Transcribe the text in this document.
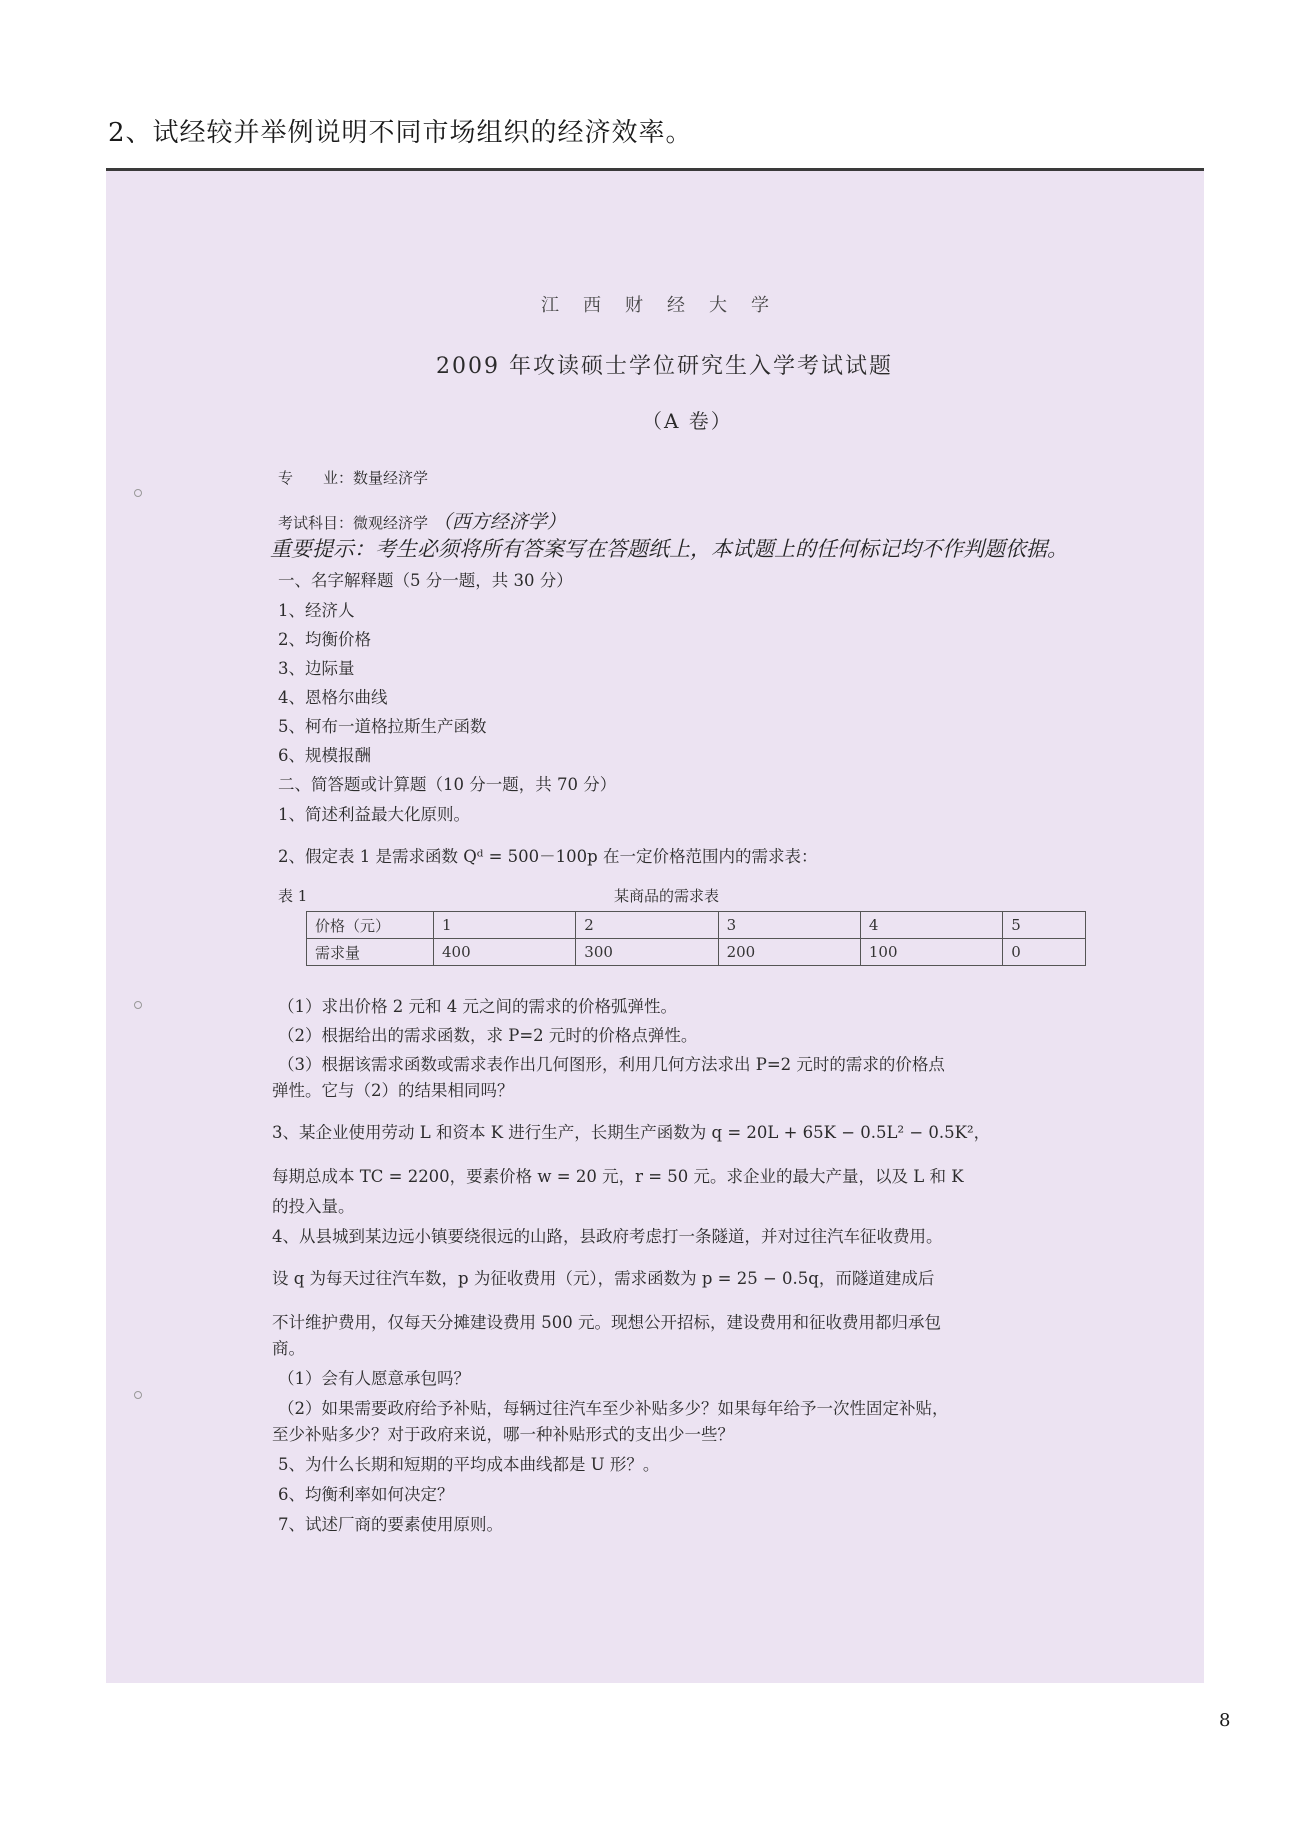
2、试经较并举例说明不同市场组织的经济效率。
江西财经大学
2009 年攻读硕士学位研究生入学考试试题
（A 卷）
专　　业：数量经济学
考试科目：微观经济学 （西方经济学）
重要提示：考生必须将所有答案写在答题纸上，本试题上的任何标记均不作判题依据。
一、名字解释题（5 分一题，共 30 分）
1、经济人
2、均衡价格
3、边际量
4、恩格尔曲线
5、柯布一道格拉斯生产函数
6、规模报酬
二、简答题或计算题（10 分一题，共 70 分）
1、简述利益最大化原则。
2、假定表 1 是需求函数 Qᵈ = 500－100p 在一定价格范围内的需求表：
表 1	某商品的需求表
价格（元）	1	2	3	4	5
需求量	400	300	200	100	0
（1）求出价格 2 元和 4 元之间的需求的价格弧弹性。
（2）根据给出的需求函数，求 P=2 元时的价格点弹性。
（3）根据该需求函数或需求表作出几何图形，利用几何方法求出 P=2 元时的需求的价格点
弹性。它与（2）的结果相同吗？
3、某企业使用劳动 L 和资本 K 进行生产，长期生产函数为 q = 20L + 65K − 0.5L² − 0.5K²，
每期总成本 TC = 2200，要素价格 w = 20 元，r = 50 元。求企业的最大产量，以及 L 和 K
的投入量。
4、从县城到某边远小镇要绕很远的山路，县政府考虑打一条隧道，并对过往汽车征收费用。
设 q 为每天过往汽车数，p 为征收费用（元），需求函数为 p = 25 − 0.5q，而隧道建成后
不计维护费用，仅每天分摊建设费用 500 元。现想公开招标，建设费用和征收费用都归承包
商。
（1）会有人愿意承包吗？
（2）如果需要政府给予补贴，每辆过往汽车至少补贴多少？如果每年给予一次性固定补贴，
至少补贴多少？对于政府来说，哪一种补贴形式的支出少一些？
5、为什么长期和短期的平均成本曲线都是 U 形？。
6、均衡利率如何决定？
7、试述厂商的要素使用原则。
8
